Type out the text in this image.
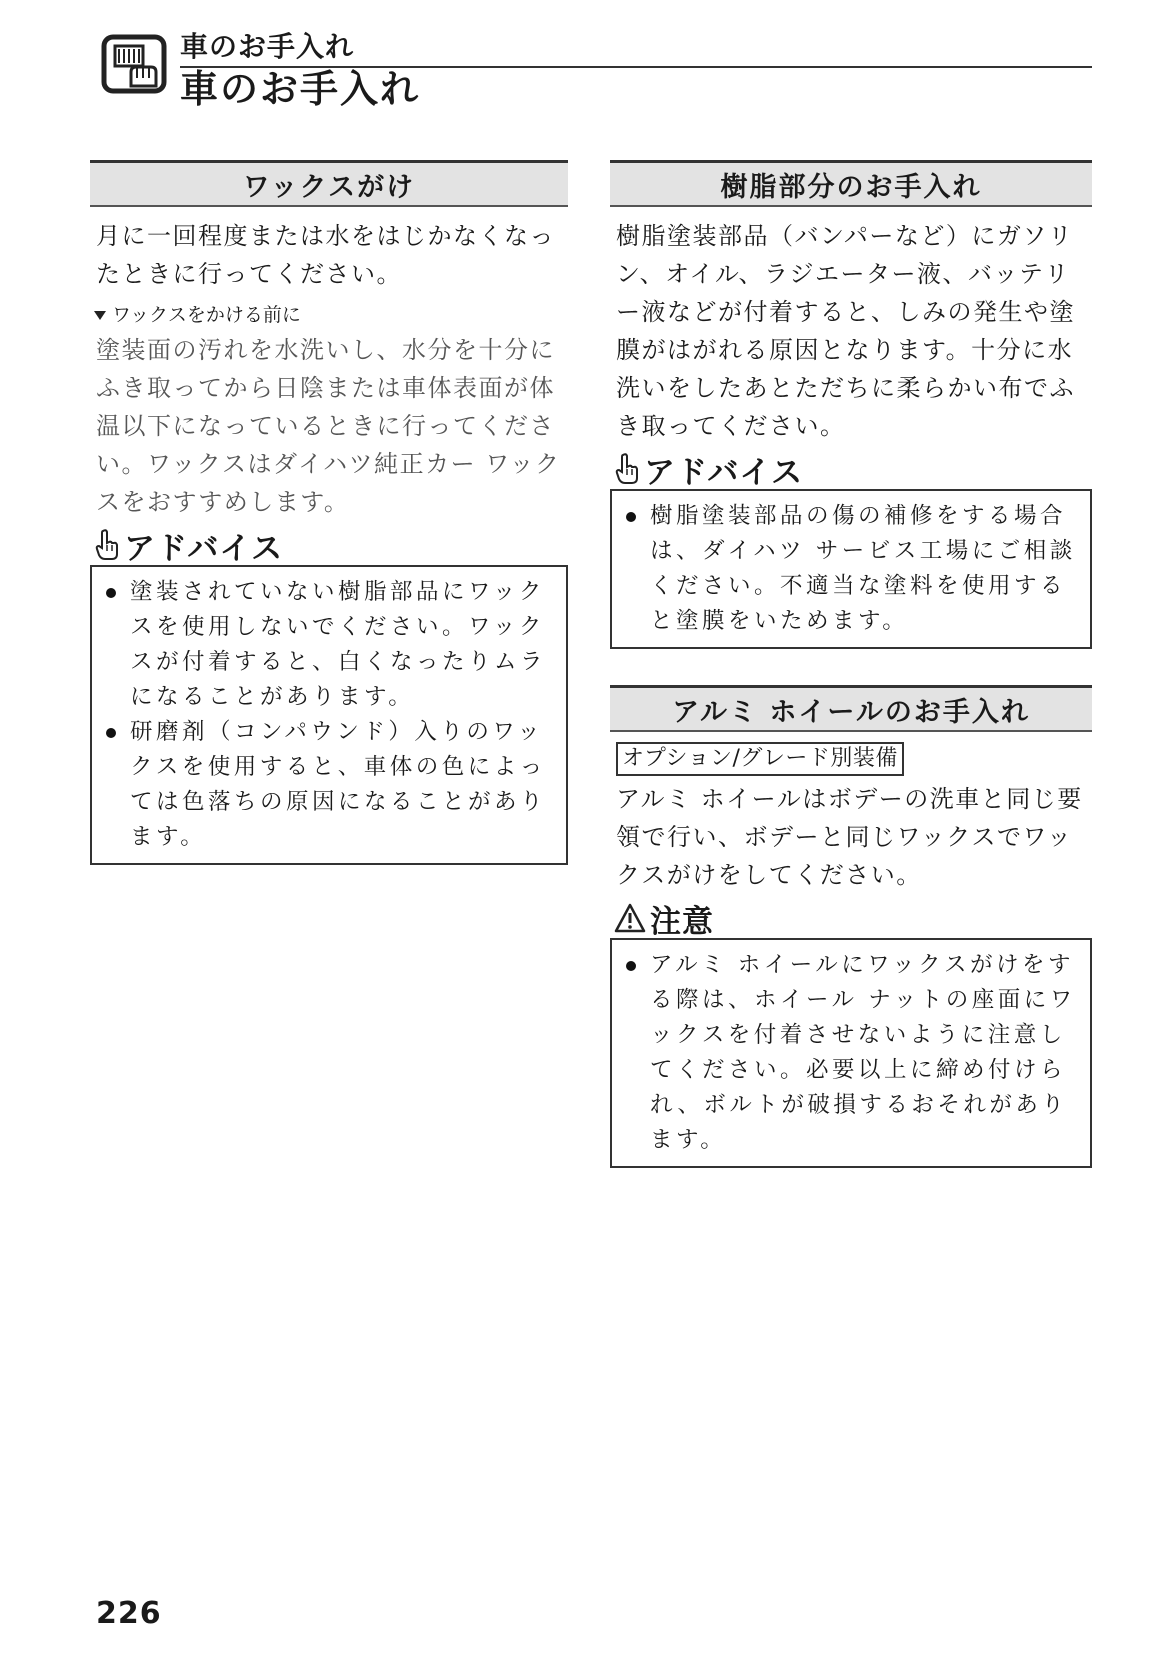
車のお手入れ
車のお手入れ
ワックスがけ
月に一回程度または水をはじかなくなったときに行ってください。
ワックスをかける前に
塗装面の汚れを水洗いし、水分を十分にふき取ってから日陰または車体表面が体温以下になっているときに行ってください。ワックスはダイハツ純正カー ワックスをおすすめします。
アドバイス
塗装されていない樹脂部品にワックスを使用しないでください。ワックスが付着すると、白くなったりムラになることがあります。
研磨剤（コンパウンド）入りのワックスを使用すると、車体の色によっては色落ちの原因になることがあります。
樹脂部分のお手入れ
樹脂塗装部品（バンパーなど）にガソリン、オイル、ラジエーター液、バッテリー液などが付着すると、しみの発生や塗膜がはがれる原因となります。十分に水洗いをしたあとただちに柔らかい布でふき取ってください。
アドバイス
樹脂塗装部品の傷の補修をする場合は、ダイハツ サービス工場にご相談ください。不適当な塗料を使用すると塗膜をいためます。
アルミ ホイールのお手入れ
オプション/グレード別装備
アルミ ホイールはボデーの洗車と同じ要領で行い、ボデーと同じワックスでワックスがけをしてください。
注意
アルミ ホイールにワックスがけをする際は、ホイール ナットの座面にワックスを付着させないように注意してください。必要以上に締め付けられ、ボルトが破損するおそれがあります。
226
